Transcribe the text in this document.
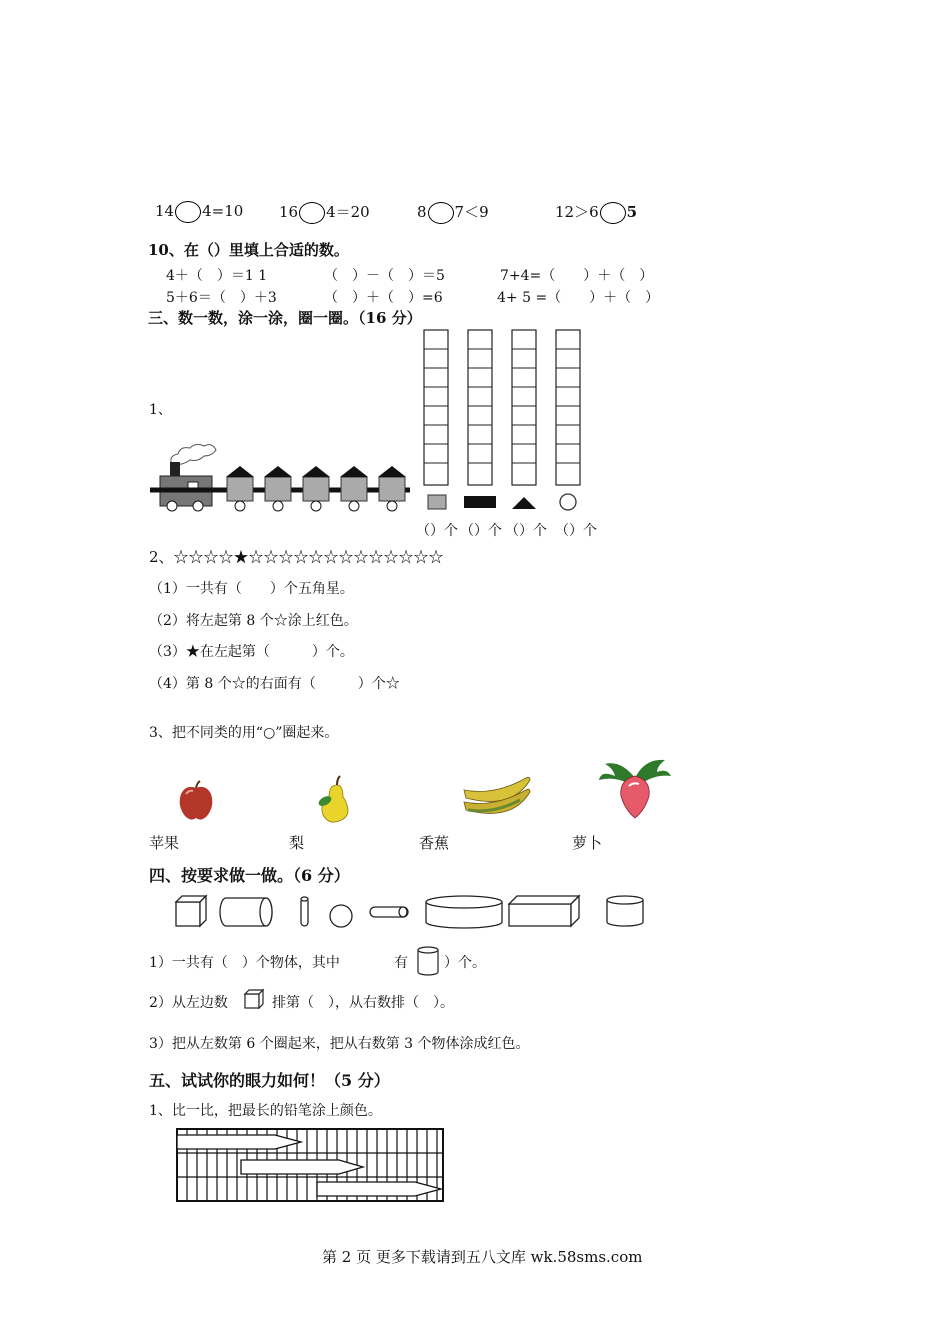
14 4=10 16 4＝20	8 7＜9	12＞6 5
10、在（）里填上合适的数。
4＋（　）＝1 1	（　）－（　）＝5	7+4=（　　）＋（　）
5＋6＝（　）＋3	（　）＋（　）=6	4+ 5 =（　　）＋（　）
三、数一数，涂一涂，圈一圈。（16 分）
1、
（）个 （）个 （）个 （）个
2、☆☆☆☆★☆☆☆☆☆☆☆☆☆☆☆☆☆
（1）一共有（　　）个五角星。
（2）将左起第 8 个☆涂上红色。
（3）★在左起第（　　　）个。
（4）第 8 个☆的右面有（　　　）个☆
3、把不同类的用“○”圈起来。
苹果	梨	香蕉	萝卜
四、按要求做一做。（6 分）
1）一共有（　）个物体，其中	有	）个。
2）从左边数	排第（　），从右数排（　）。
3）把从左数第 6 个圈起来，把从右数第 3 个物体涂成红色。
五、试试你的眼力如何！（5 分）
1、比一比，把最长的铅笔涂上颜色。
第 2 页 更多下载请到五八文库 wk.58sms.com
